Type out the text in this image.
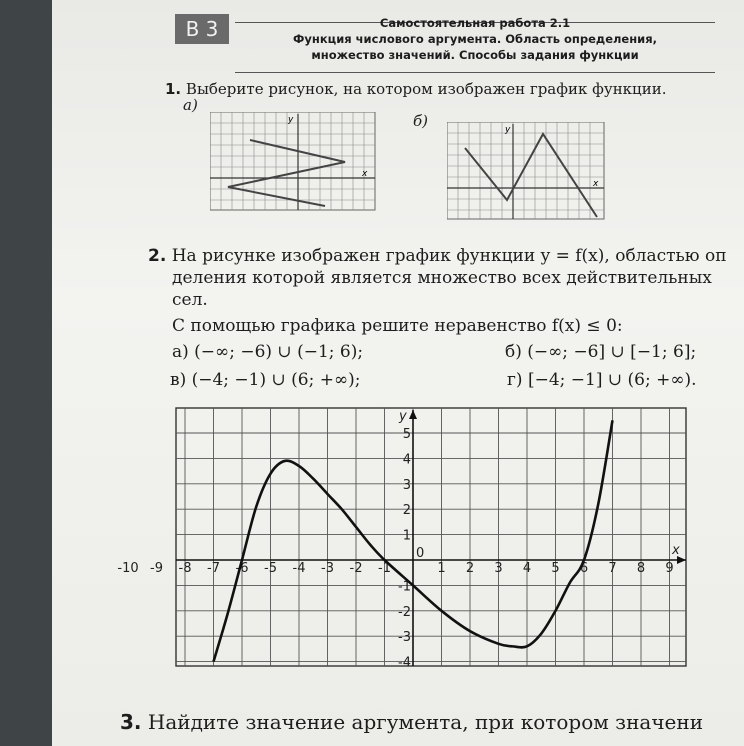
В 3	Самостоятельная работа 2.1
Функция числового аргумента. Область определения,
множество значений. Способы задания функции
1. Выберите рисунок, на котором изображен график функции.
а)
б)
y
x
y
x
2. На рисунке изображен график функции y = f(x), областью оп
деления которой является множество всех действительных
сел.
С помощью графика решите неравенство f(x) ≤ 0:
а) (−∞; −6) ∪ (−1; 6);	б) (−∞; −6] ∪ [−1; 6];
в) (−4; −1) ∪ (6; +∞);	г) [−4; −1] ∪ (6; +∞).
-10 -9 -8 -7 -6 -5 -4 -3 -2 -1	1 2 3 4 5 6 7 8 9
5
4
3
2
1
-1
-2
-3
-4
0	x
y
3. Найдите значение аргумента, при котором значени
